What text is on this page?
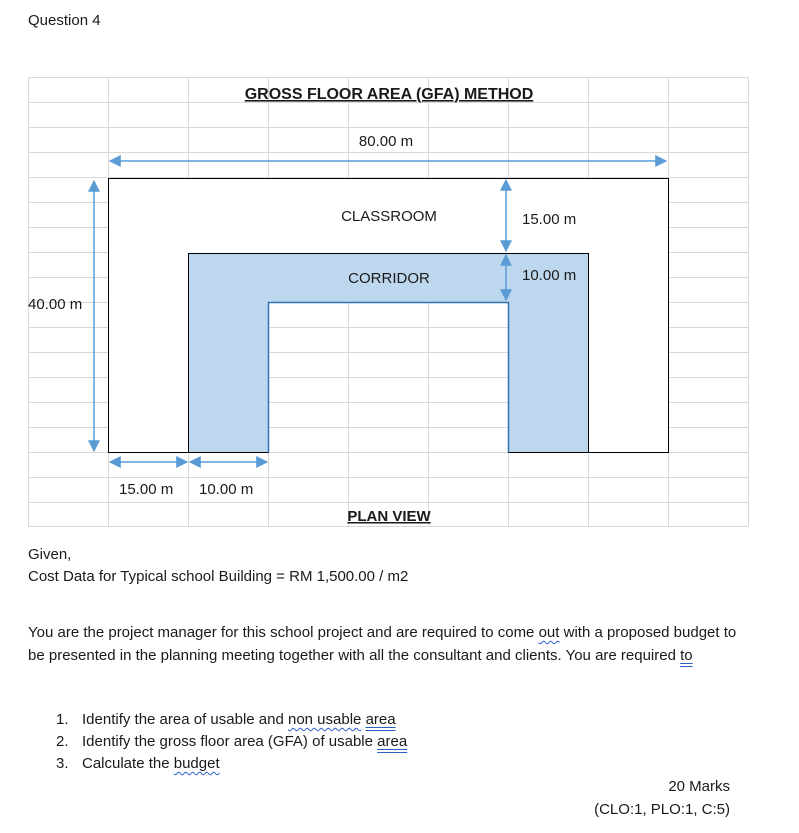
Question 4
GROSS FLOOR AREA (GFA) METHOD
80.00 m
CLASSROOM	15.00 m
CORRIDOR	10.00 m
40.00 m
15.00 m 10.00 m
PLAN VIEW
Given,
Cost Data for Typical school Building = RM 1,500.00 / m2
You are the project manager for this school project and are required to come out with a proposed budget to be presented in the planning meeting together with all the consultant and clients. You are required to
1. Identify the area of usable and non usable area
2. Identify the gross floor area (GFA) of usable area
3. Calculate the budget
20 Marks
(CLO:1, PLO:1, C:5)
